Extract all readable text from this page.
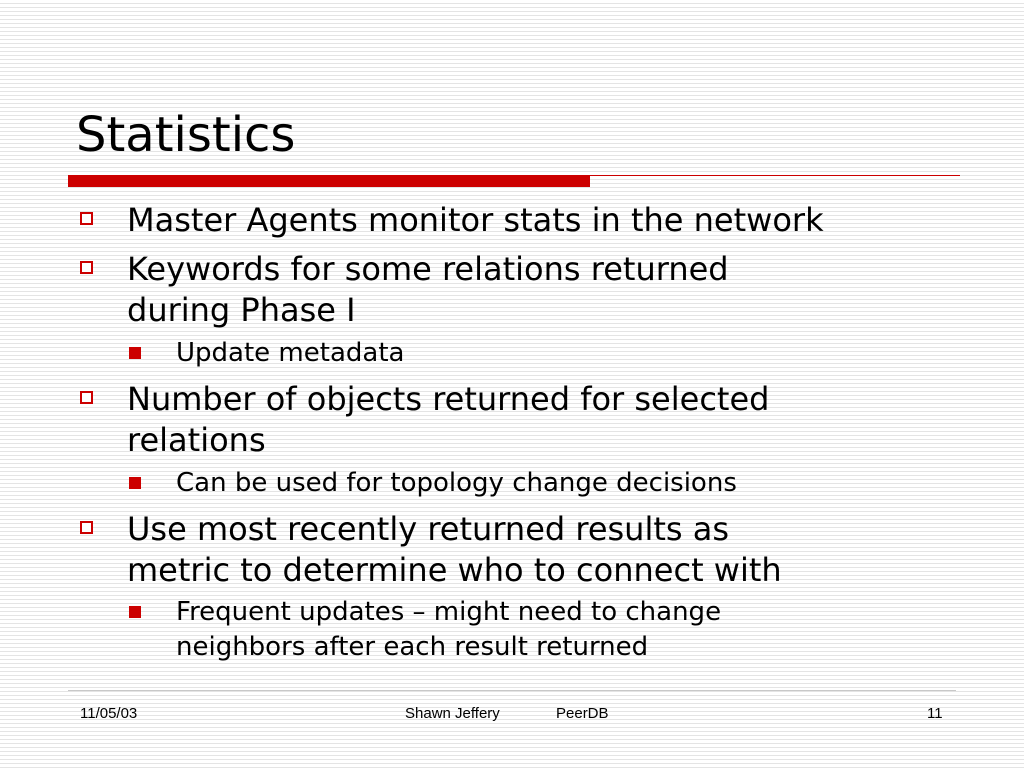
Statistics
Master Agents monitor stats in the network
Keywords for some relations returned
during Phase I
Update metadata
Number of objects returned for selected
relations
Can be used for topology change decisions
Use most recently returned results as
metric to determine who to connect with
Frequent updates – might need to change
neighbors after each result returned
11/05/03	Shawn Jeffery	PeerDB	11
